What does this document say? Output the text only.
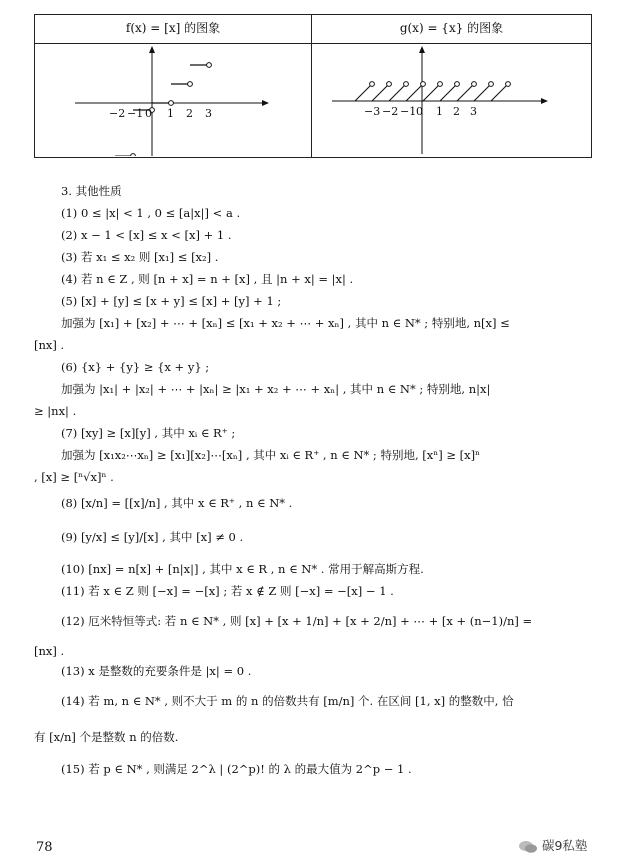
f(x) = [x] 的图象	g(x) = {x} 的图象
−2 −1 0 1 2 3	−3 −2 −1 0 1 2 3
3. 其他性质
(1) 0 ≤ |x| < 1 , 0 ≤ [a|x|] < a .
(2) x − 1 < [x] ≤ x < [x] + 1 .
(3) 若 x₁ ≤ x₂ 则 [x₁] ≤ [x₂] .
(4) 若 n ∈ Z , 则 [n + x] = n + [x] , 且 |n + x| = |x| .
(5) [x] + [y] ≤ [x + y] ≤ [x] + [y] + 1 ;
加强为 [x₁] + [x₂] + ⋯ + [xₙ] ≤ [x₁ + x₂ + ⋯ + xₙ] , 其中 n ∈ N* ; 特别地, n[x] ≤
[nx] .
(6) {x} + {y} ≥ {x + y} ;
加强为 |x₁| + |x₂| + ⋯ + |xₙ| ≥ |x₁ + x₂ + ⋯ + xₙ| , 其中 n ∈ N* ; 特别地, n|x|
≥ |nx| .
(7) [xy] ≥ [x][y] , 其中 xᵢ ∈ R⁺ ;
加强为 [x₁x₂⋯xₙ] ≥ [x₁][x₂]⋯[xₙ] , 其中 xᵢ ∈ R⁺ , n ∈ N* ; 特别地, [xⁿ] ≥ [x]ⁿ
, [x] ≥ [ⁿ√x]ⁿ .
(8) [x/n] = [[x]/n] , 其中 x ∈ R⁺ , n ∈ N* .
(9) [y/x] ≤ [y]/[x] , 其中 [x] ≠ 0 .
(10) [nx] = n[x] + [n|x|] , 其中 x ∈ R , n ∈ N* . 常用于解高斯方程.
(11) 若 x ∈ Z 则 [−x] = −[x] ; 若 x ∉ Z 则 [−x] = −[x] − 1 .
(12) 厄米特恒等式: 若 n ∈ N* , 则 [x] + [x + 1/n] + [x + 2/n] + ⋯ + [x + (n−1)/n] =
[nx] .
(13) x 是整数的充要条件是 |x| = 0 .
(14) 若 m, n ∈ N* , 则不大于 m 的 n 的倍数共有 [m/n] 个. 在区间 [1, x] 的整数中, 恰
有 [x/n] 个是整数 n 的倍数.
(15) 若 p ∈ N* , 则满足 2^λ | (2^p)! 的 λ 的最大值为 2^p − 1 .
78	碳9私塾
